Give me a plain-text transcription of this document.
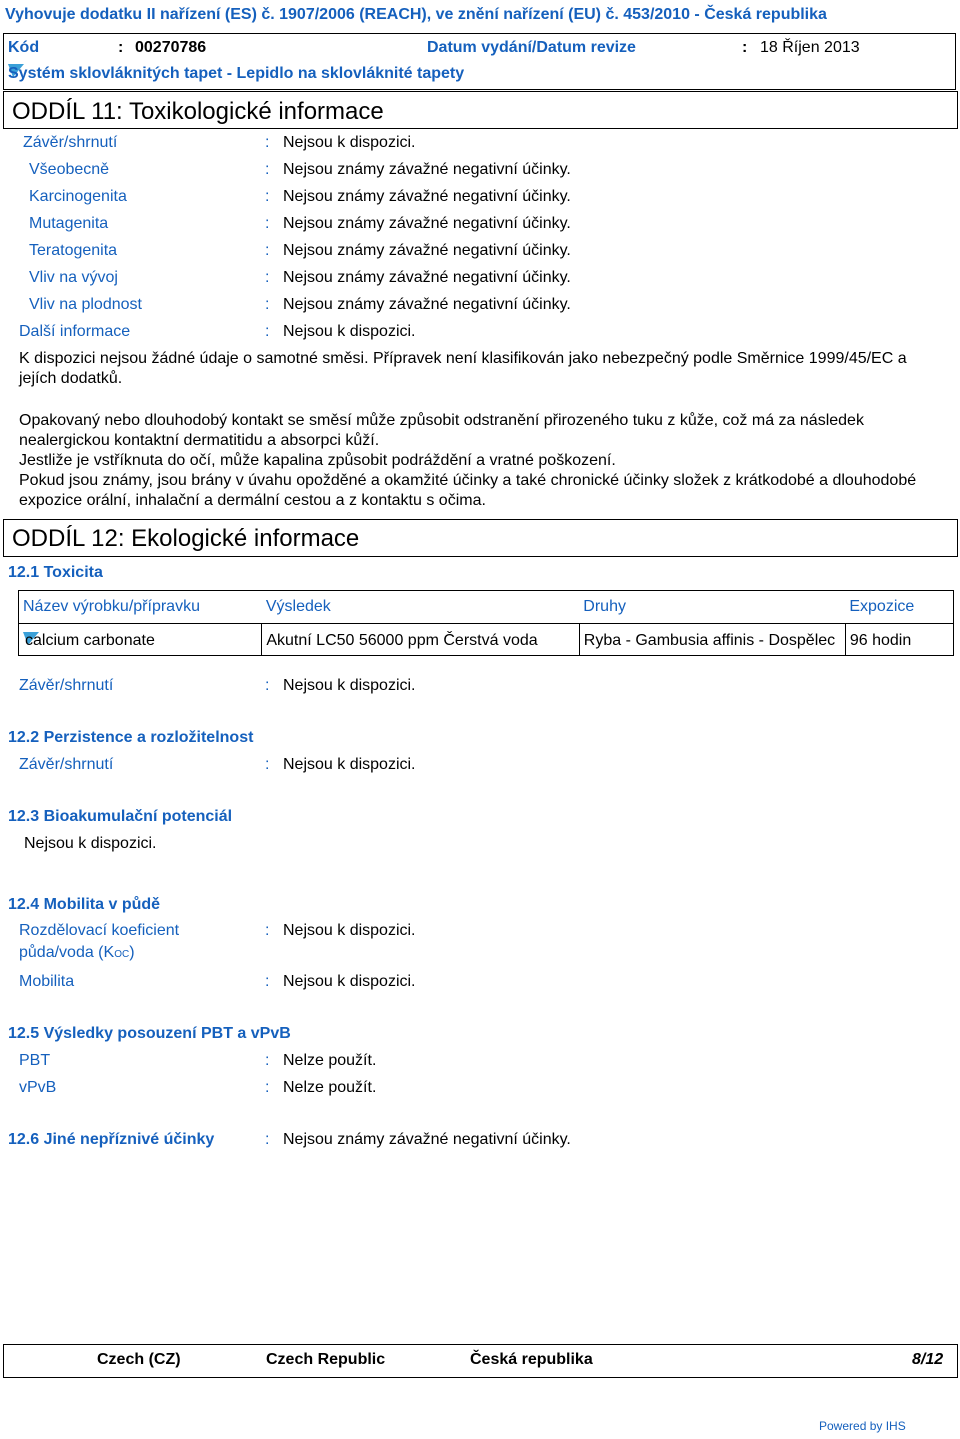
Vyhovuje dodatku II nařízení (ES) č. 1907/2006 (REACH), ve znění nařízení (EU) č. 453/2010 - Česká republika
Kód	: 00270786	Datum vydání/Datum revize	: 18 Říjen 2013
Systém sklovláknitých tapet - Lepidlo na sklovláknité tapety
ODDÍL 11: Toxikologické informace
Závěr/shrnutí	: Nejsou k dispozici.
Všeobecně	: Nejsou známy závažné negativní účinky.
Karcinogenita	: Nejsou známy závažné negativní účinky.
Mutagenita	: Nejsou známy závažné negativní účinky.
Teratogenita	: Nejsou známy závažné negativní účinky.
Vliv na vývoj	: Nejsou známy závažné negativní účinky.
Vliv na plodnost	: Nejsou známy závažné negativní účinky.
Další informace	: Nejsou k dispozici.
K dispozici nejsou žádné údaje o samotné směsi. Přípravek není klasifikován jako nebezpečný podle Směrnice 1999/45/EC a jejích dodatků.
Opakovaný nebo dlouhodobý kontakt se směsí může způsobit odstranění přirozeného tuku z kůže, což má za následek nealergickou kontaktní dermatitidu a absorpci kůží.
Jestliže je vstříknuta do očí, může kapalina způsobit podráždění a vratné poškození.
Pokud jsou známy, jsou brány v úvahu opožděné a okamžité účinky a také chronické účinky složek z krátkodobé a dlouhodobé expozice orální, inhalační a dermální cestou a z kontaktu s očima.
ODDÍL 12: Ekologické informace
12.1 Toxicita
Název výrobku/přípravku	Výsledek	Druhy	Expozice

calcium carbonate	Akutní LC50 56000 ppm Čerstvá voda	Ryba - Gambusia affinis - Dospělec	96 hodin
Závěr/shrnutí	: Nejsou k dispozici.
12.2 Perzistence a rozložitelnost
Závěr/shrnutí	: Nejsou k dispozici.
12.3 Bioakumulační potenciál
Nejsou k dispozici.
12.4 Mobilita v půdě
Rozdělovací koeficient
půda/voda (KOC)
: Nejsou k dispozici.
Mobilita	: Nejsou k dispozici.
12.5 Výsledky posouzení PBT a vPvB
PBT	: Nelze použít.
vPvB	: Nelze použít.
12.6 Jiné nepříznivé účinky	: Nejsou známy závažné negativní účinky.
Czech (CZ)	Czech Republic	Česká republika	8/12
Powered by IHS
